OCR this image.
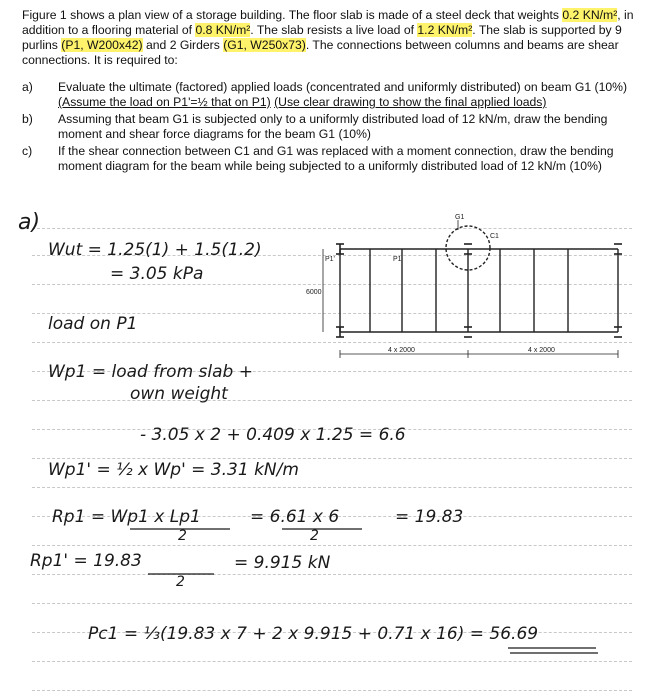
Figure 1 shows a plan view of a storage building. The floor slab is made of a steel deck that weights 0.2 KN/m², in addition to a flooring material of 0.8 KN/m². The slab resists a live load of 1.2 KN/m². The slab is supported by 9 purlins (P1, W200x42) and 2 Girders (G1, W250x73). The connections between columns and beams are shear connections. It is required to:

a) Evaluate the ultimate (factored) applied loads (concentrated and uniformly distributed) on beam G1 (10%)

(Assume the load on P1'=½ that on P1) (Use clear drawing to show the final applied loads)

b) Assuming that beam G1 is subjected only to a uniformly distributed load of 12 kN/m, draw the bending moment and shear force diagrams for the beam G1 (10%)

c) If the shear connection between C1 and G1 was replaced with a moment connection, draw the bending moment diagram for the beam while being subjected to a uniformly distributed load of 12 kN/m (10%)

G1
C1
P1'	P1
6000
4 x 2000	4 x 2000
a)
Wut = 1.25(1) + 1.5(1.2)
= 3.05 kPa
load on P1
Wp1 = load from slab +
own weight
- 3.05 x 2 + 0.409 x 1.25 = 6.6
Wp1' = ½ x Wp' = 3.31 kN/m
Rp1 = Wp1 x Lp1	= 6.61 x 6	= 19.83
2	2
Rp1' = 19.83	= 9.915 kN
2
Pc1 = ⅓(19.83 x 7 + 2 x 9.915 + 0.71 x 16) = 56.69
